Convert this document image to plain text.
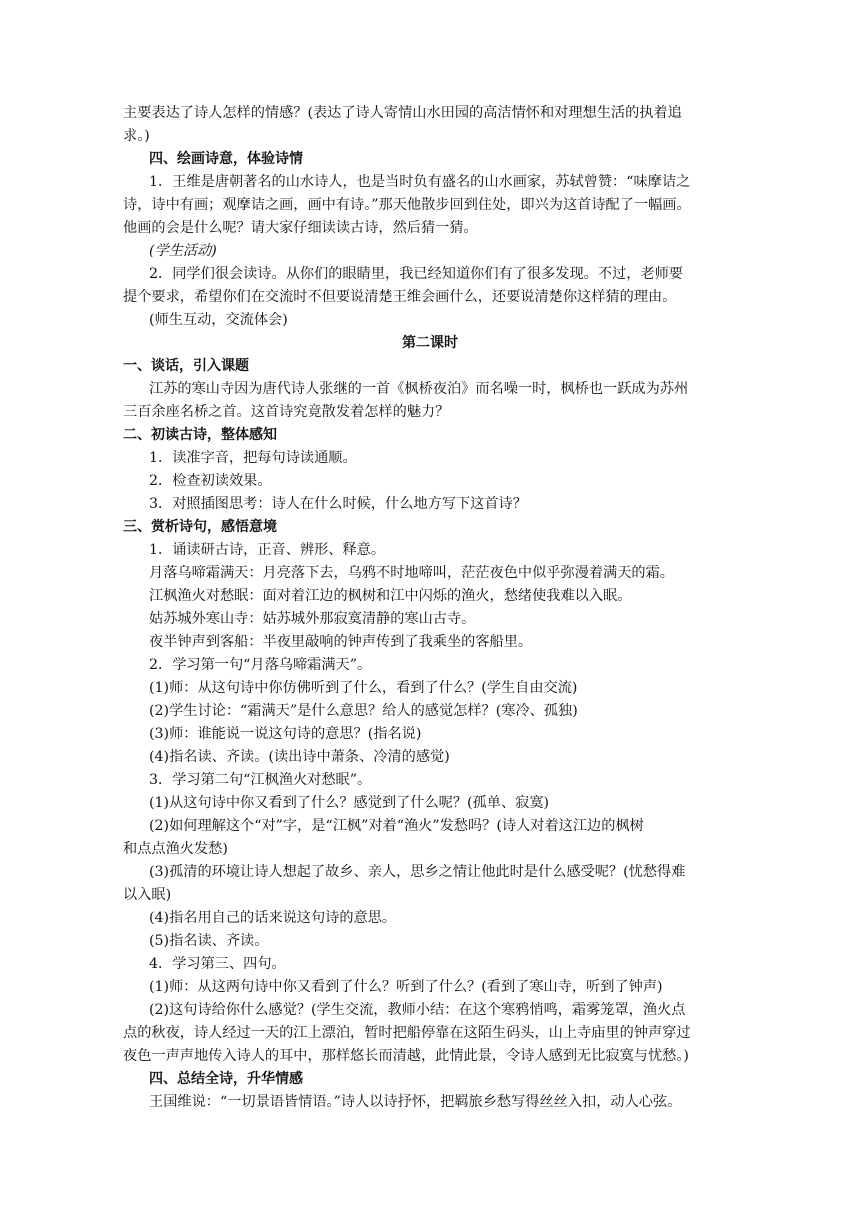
主要表达了诗人怎样的情感？(表达了诗人寄情山水田园的高洁情怀和对理想生活的执着追
求。)
四、绘画诗意，体验诗情
1．王维是唐朝著名的山水诗人，也是当时负有盛名的山水画家，苏轼曾赞：“味摩诘之
诗，诗中有画；观摩诘之画，画中有诗。”那天他散步回到住处，即兴为这首诗配了一幅画。
他画的会是什么呢？请大家仔细读读古诗，然后猜一猜。
(学生活动)
2．同学们很会读诗。从你们的眼睛里，我已经知道你们有了很多发现。不过，老师要
提个要求，希望你们在交流时不但要说清楚王维会画什么，还要说清楚你这样猜的理由。
(师生互动，交流体会)
第二课时
一、谈话，引入课题
江苏的寒山寺因为唐代诗人张继的一首《枫桥夜泊》而名噪一时，枫桥也一跃成为苏州
三百余座名桥之首。这首诗究竟散发着怎样的魅力？
二、初读古诗，整体感知
1．读准字音，把每句诗读通顺。
2．检查初读效果。
3．对照插图思考：诗人在什么时候，什么地方写下这首诗？
三、赏析诗句，感悟意境
1．诵读研古诗，正音、辨形、释意。
月落乌啼霜满天：月亮落下去，乌鸦不时地啼叫，茫茫夜色中似乎弥漫着满天的霜。
江枫渔火对愁眠：面对着江边的枫树和江中闪烁的渔火，愁绪使我难以入眠。
姑苏城外寒山寺：姑苏城外那寂寞清静的寒山古寺。
夜半钟声到客船：半夜里敲响的钟声传到了我乘坐的客船里。
2．学习第一句“月落乌啼霜满天”。
(1)师：从这句诗中你仿佛听到了什么，看到了什么？(学生自由交流)
(2)学生讨论：“霜满天”是什么意思？给人的感觉怎样？(寒冷、孤独)
(3)师：谁能说一说这句诗的意思？(指名说)
(4)指名读、齐读。(读出诗中萧条、冷清的感觉)
3．学习第二句“江枫渔火对愁眠”。
(1)从这句诗中你又看到了什么？感觉到了什么呢？(孤单、寂寞)
(2)如何理解这个“对”字，是“江枫”对着“渔火”发愁吗？(诗人对着这江边的枫树
和点点渔火发愁)
(3)孤清的环境让诗人想起了故乡、亲人，思乡之情让他此时是什么感受呢？(忧愁得难
以入眠)
(4)指名用自己的话来说这句诗的意思。
(5)指名读、齐读。
4．学习第三、四句。
(1)师：从这两句诗中你又看到了什么？听到了什么？(看到了寒山寺，听到了钟声)
(2)这句诗给你什么感觉？(学生交流，教师小结：在这个寒鸦悄鸣，霜雾笼罩，渔火点
点的秋夜，诗人经过一天的江上漂泊，暂时把船停靠在这陌生码头，山上寺庙里的钟声穿过
夜色一声声地传入诗人的耳中，那样悠长而清越，此情此景，令诗人感到无比寂寞与忧愁。)
四、总结全诗，升华情感
王国维说：“一切景语皆情语。”诗人以诗抒怀，把羁旅乡愁写得丝丝入扣，动人心弦。
